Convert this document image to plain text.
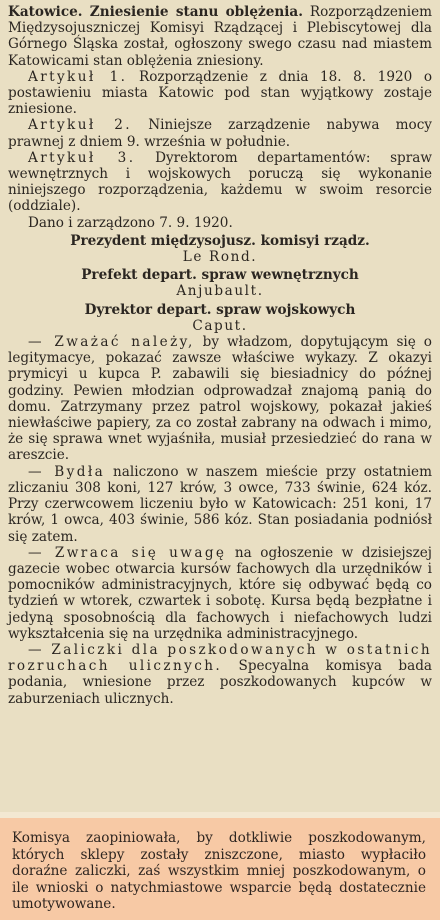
Katowice. Zniesienie stanu oblężenia. Rozporządzeniem Międzysojuszniczej Komisyi Rządzącej i Plebiscytowej dla Górnego Śląska został, ogłoszony swego czasu nad miastem Katowicami stan oblężenia zniesiony.

Artykuł 1. Rozporządzenie z dnia 18. 8. 1920 o postawieniu miasta Katowic pod stan wyjątkowy zostaje zniesione.

Artykuł 2. Niniejsze zarządzenie nabywa mocy prawnej z dniem 9. września w południe.

Artykuł 3. Dyrektorom departamentów: spraw wewnętrznych i wojskowych poruczą się wykonanie niniejszego rozporządzenia, każdemu w swoim resorcie (oddziale).

Dano i zarządzono 7. 9. 1920.

Prezydent międzysojusz. komisyi rządz.

Le Rond.

Prefekt depart. spraw wewnętrznych

Anjubault.

Dyrektor depart. spraw wojskowych

Caput.

— Zważać należy, by władzom, dopytującym się o legitymacye, pokazać zawsze właściwe wykazy. Z okazyi prymicyi u kupca P. zabawili się biesiadnicy do późnej godziny. Pewien młodzian odprowadzał znajomą panią do domu. Zatrzymany przez patrol wojskowy, pokazał jakieś niewłaściwe papiery, za co został zabrany na odwach i mimo, że się sprawa wnet wyjaśniła, musiał przesiedzieć do rana w areszcie.

— Bydła naliczono w naszem mieście przy ostatniem zliczaniu 308 koni, 127 krów, 3 owce, 733 świnie, 624 kóz. Przy czerwcowem liczeniu było w Katowicach: 251 koni, 17 krów, 1 owca, 403 świnie, 586 kóz. Stan posiadania podniósł się zatem.

— Zwraca się uwagę na ogłoszenie w dzisiejszej gazecie wobec otwarcia kursów fachowych dla urzędników i pomocników administracyjnych, które się odbywać będą co tydzień w wtorek, czwartek i sobotę. Kursa będą bezpłatne i jedyną sposobnością dla fachowych i niefachowych ludzi wykształcenia się na urzędnika administracyjnego.

— Zaliczki dla poszkodowanych w ostatnich rozruchach ulicznych. Specyalna komisya bada podania, wniesione przez poszkodowanych kupców w zaburzeniach ulicznych.

Komisya zaopiniowała, by dotkliwie poszkodowanym, których sklepy zostały zniszczone, miasto wypłaciło doraźne zaliczki, zaś wszystkim mniej poszkodowanym, o ile wnioski o natychmiastowe wsparcie będą dostatecznie umotywowane.
